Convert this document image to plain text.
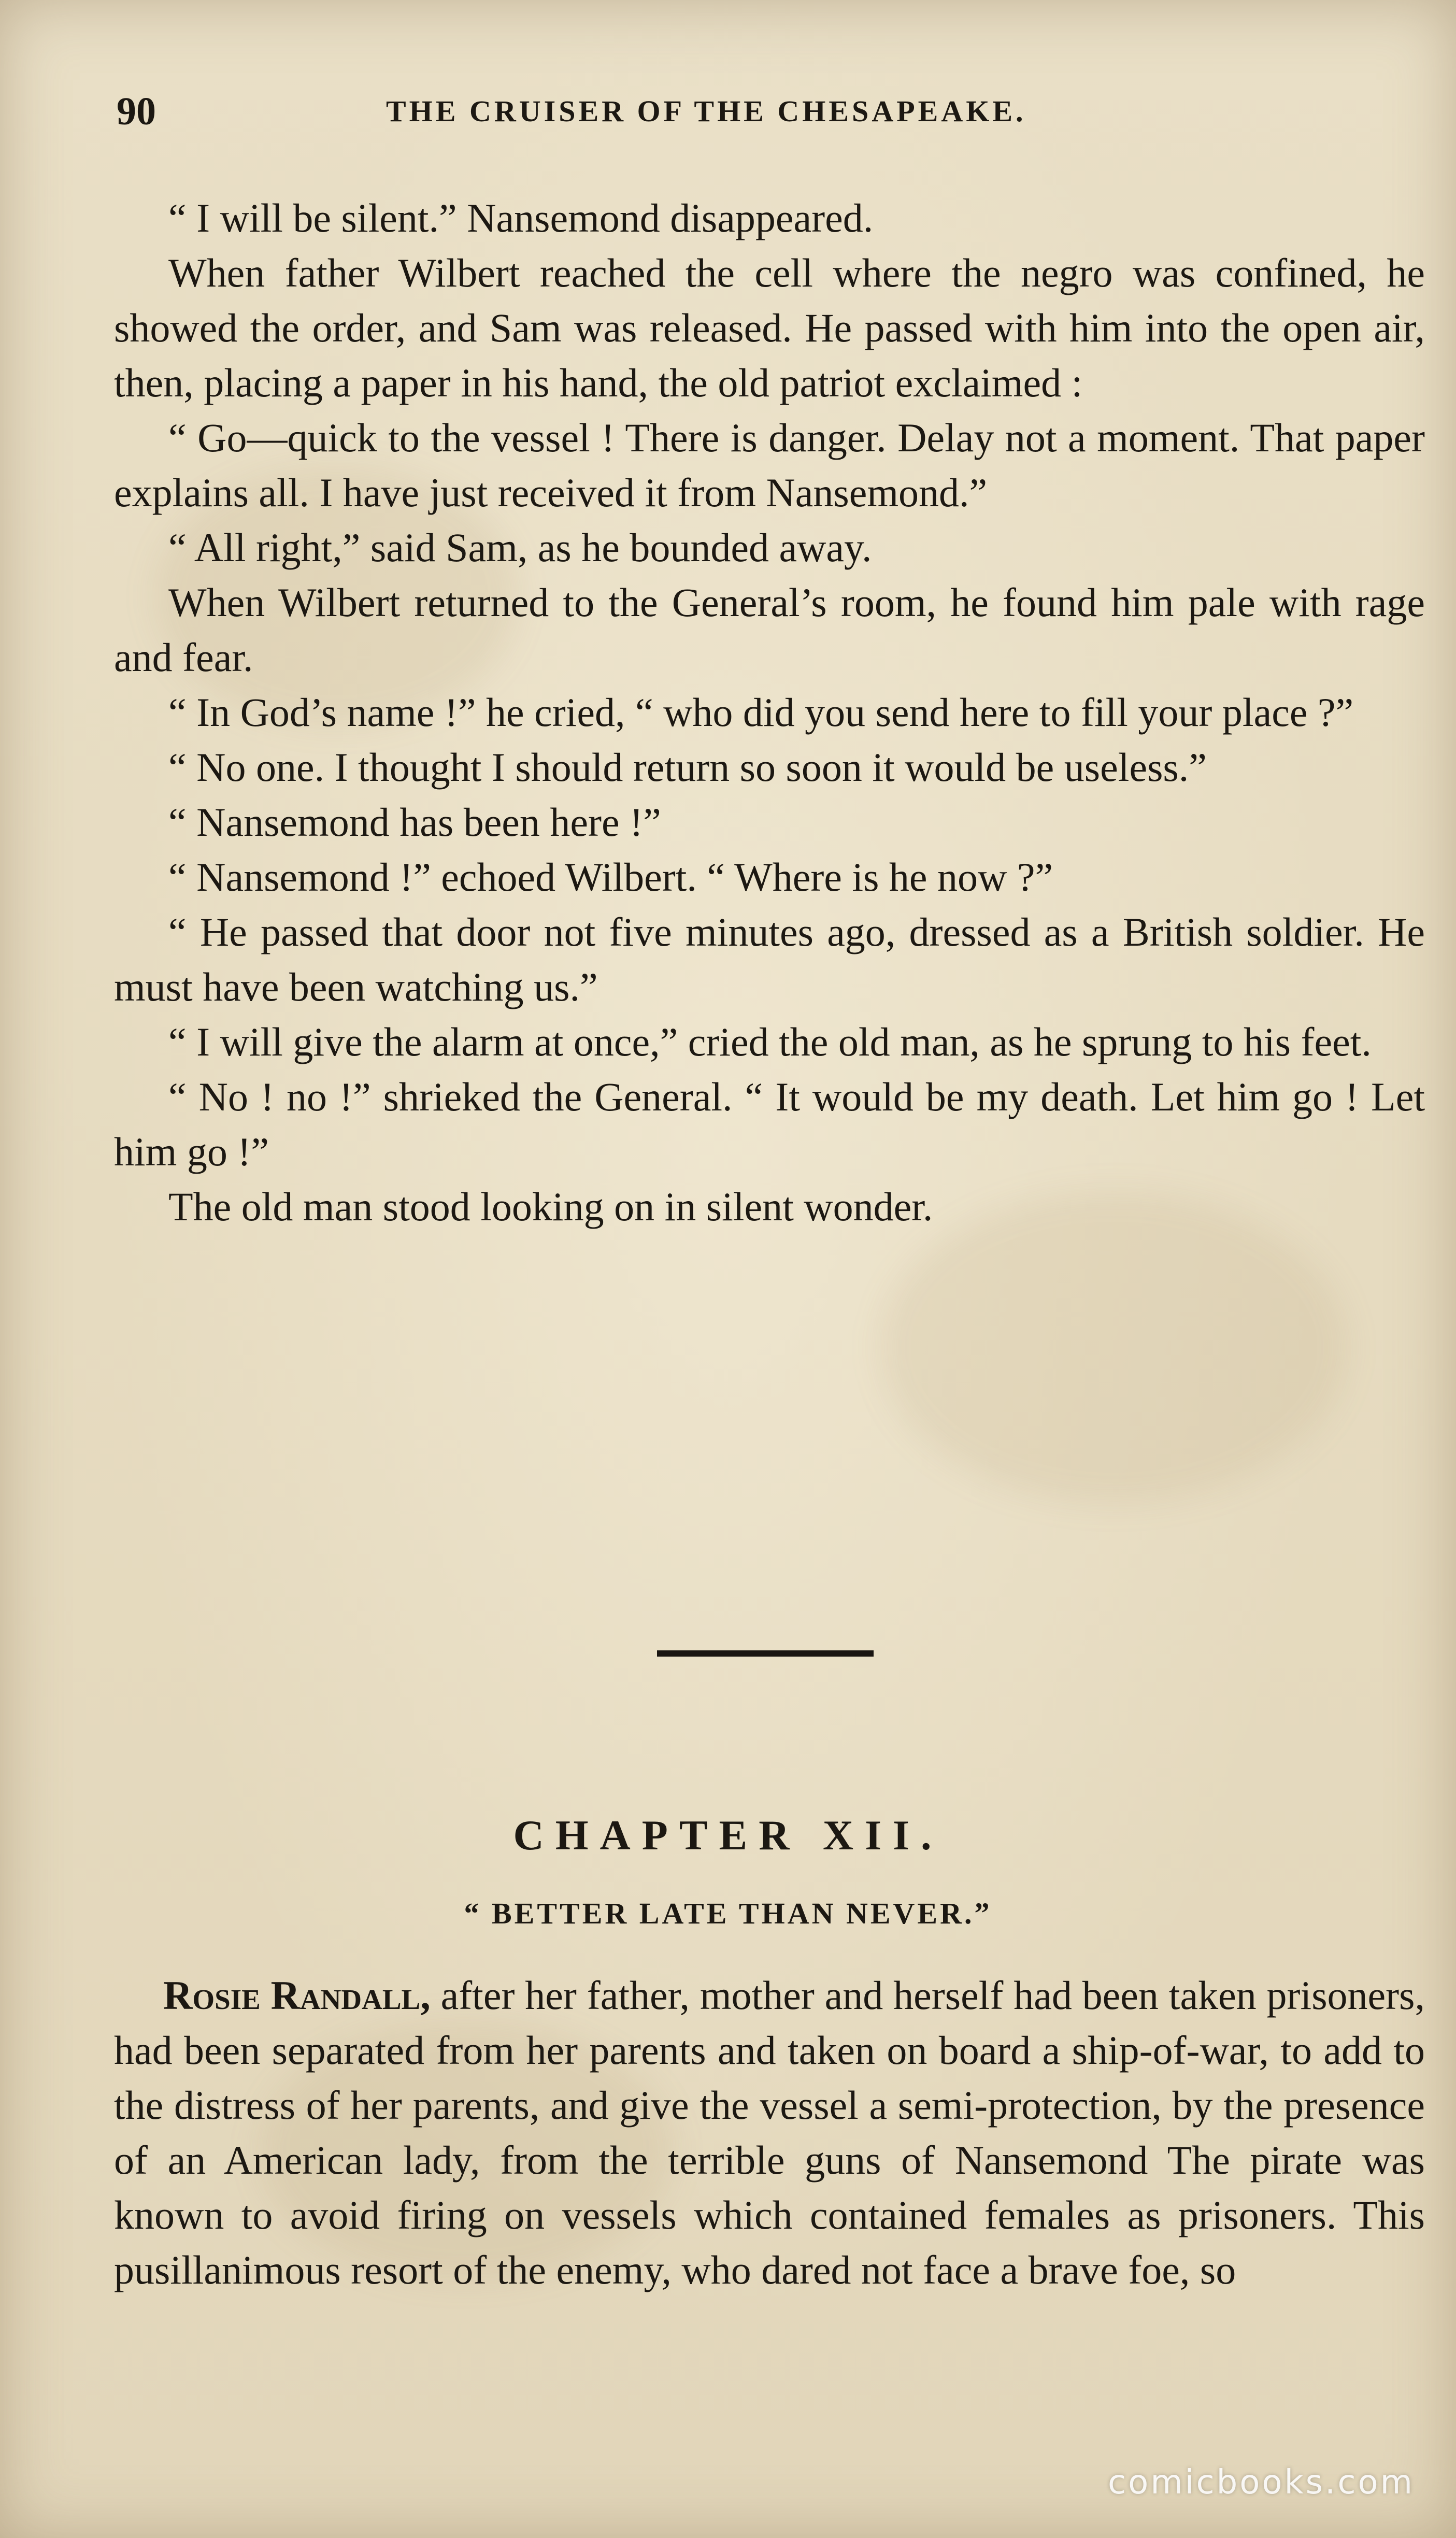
90	THE CRUISER OF THE CHESAPEAKE.

“ I will be silent.” Nansemond disappeared.

When father Wilbert reached the cell where the negro was confined, he showed the order, and Sam was released. He passed with him into the open air, then, placing a paper in his hand, the old patriot exclaimed :

“ Go—quick to the vessel ! There is danger. Delay not a moment. That paper explains all. I have just received it from Nansemond.”

“ All right,” said Sam, as he bounded away.

When Wilbert returned to the General’s room, he found him pale with rage and fear.

“ In God’s name !” he cried, “ who did you send here to fill your place ?”

“ No one. I thought I should return so soon it would be useless.”

“ Nansemond has been here !”

“ Nansemond !” echoed Wilbert. “ Where is he now ?”

“ He passed that door not five minutes ago, dressed as a British soldier. He must have been watching us.”

“ I will give the alarm at once,” cried the old man, as he sprung to his feet.

“ No ! no !” shrieked the General. “ It would be my death. Let him go ! Let him go !”

The old man stood looking on in silent wonder.

CHAPTER XII.
“ BETTER LATE THAN NEVER.”

Rosie Randall, after her father, mother and herself had been taken prisoners, had been separated from her parents and taken on board a ship-of-war, to add to the distress of her parents, and give the vessel a semi-protection, by the presence of an American lady, from the terrible guns of Nansemond The pirate was known to avoid firing on vessels which contained females as prisoners. This pusillanimous resort of the enemy, who dared not face a brave foe, so

comicbooks.com
